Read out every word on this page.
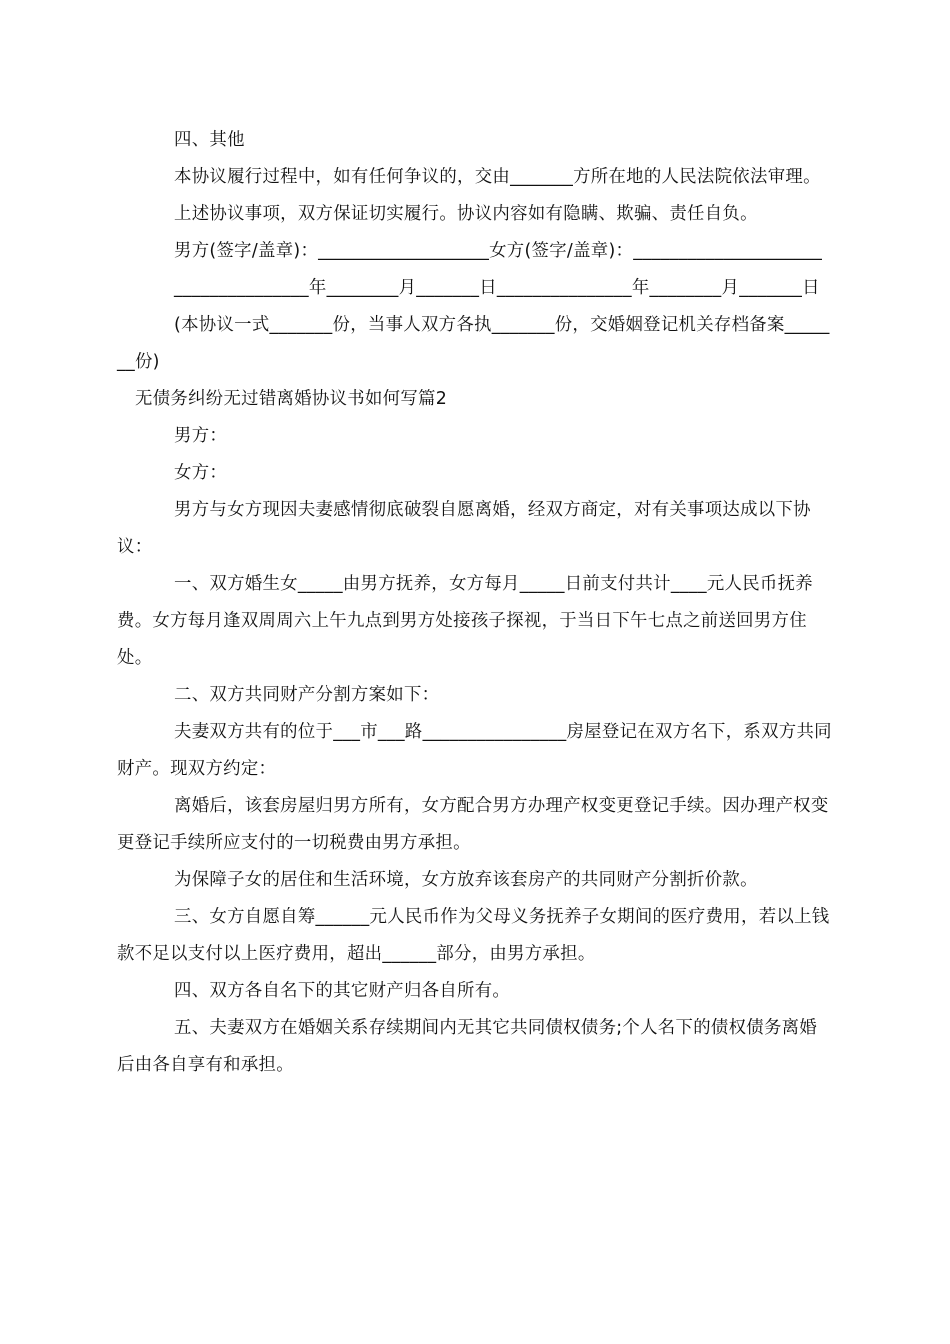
四、其他

本协议履行过程中，如有任何争议的，交由_______方所在地的人民法院依法审理。

上述协议事项，双方保证切实履行。协议内容如有隐瞒、欺骗、责任自负。

男方(签字/盖章)：___________________女方(签字/盖章)：_____________________

_______________年________月_______日_______________年________月_______日

(本协议一式_______份，当事人双方各执_______份，交婚姻登记机关存档备案_______份)

无债务纠纷无过错离婚协议书如何写篇2

男方：

女方：

男方与女方现因夫妻感情彻底破裂自愿离婚，经双方商定，对有关事项达成以下协议：

一、双方婚生女_____由男方抚养，女方每月_____日前支付共计____元人民币抚养费。女方每月逢双周周六上午九点到男方处接孩子探视，于当日下午七点之前送回男方住处。

二、双方共同财产分割方案如下：

夫妻双方共有的位于___市___路________________房屋登记在双方名下，系双方共同财产。现双方约定：

离婚后，该套房屋归男方所有，女方配合男方办理产权变更登记手续。因办理产权变更登记手续所应支付的一切税费由男方承担。

为保障子女的居住和生活环境，女方放弃该套房产的共同财产分割折价款。

三、女方自愿自筹______元人民币作为父母义务抚养子女期间的医疗费用，若以上钱款不足以支付以上医疗费用，超出______部分，由男方承担。

四、双方各自名下的其它财产归各自所有。

五、夫妻双方在婚姻关系存续期间内无其它共同债权债务;个人名下的债权债务离婚后由各自享有和承担。
